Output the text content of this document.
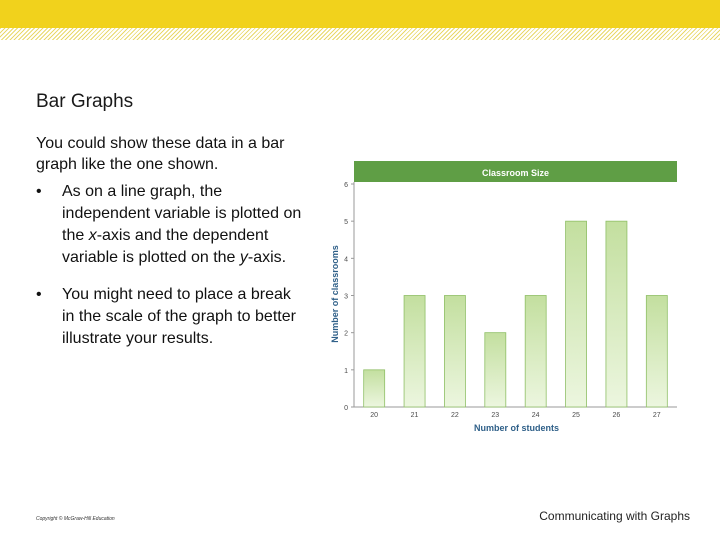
Bar Graphs
You could show these data in a bar graph like the one shown.
• As on a line graph, the independent variable is plotted on the x-axis and the dependent variable is plotted on the y-axis.
• You might need to place a break in the scale of the graph to better illustrate your results.
Classroom Size
0
1
2
3
4
5
6
20	21	22	23	24	25	26	27
Number of classrooms
Number of students
Copyright © McGraw-Hill Education	Communicating with Graphs
